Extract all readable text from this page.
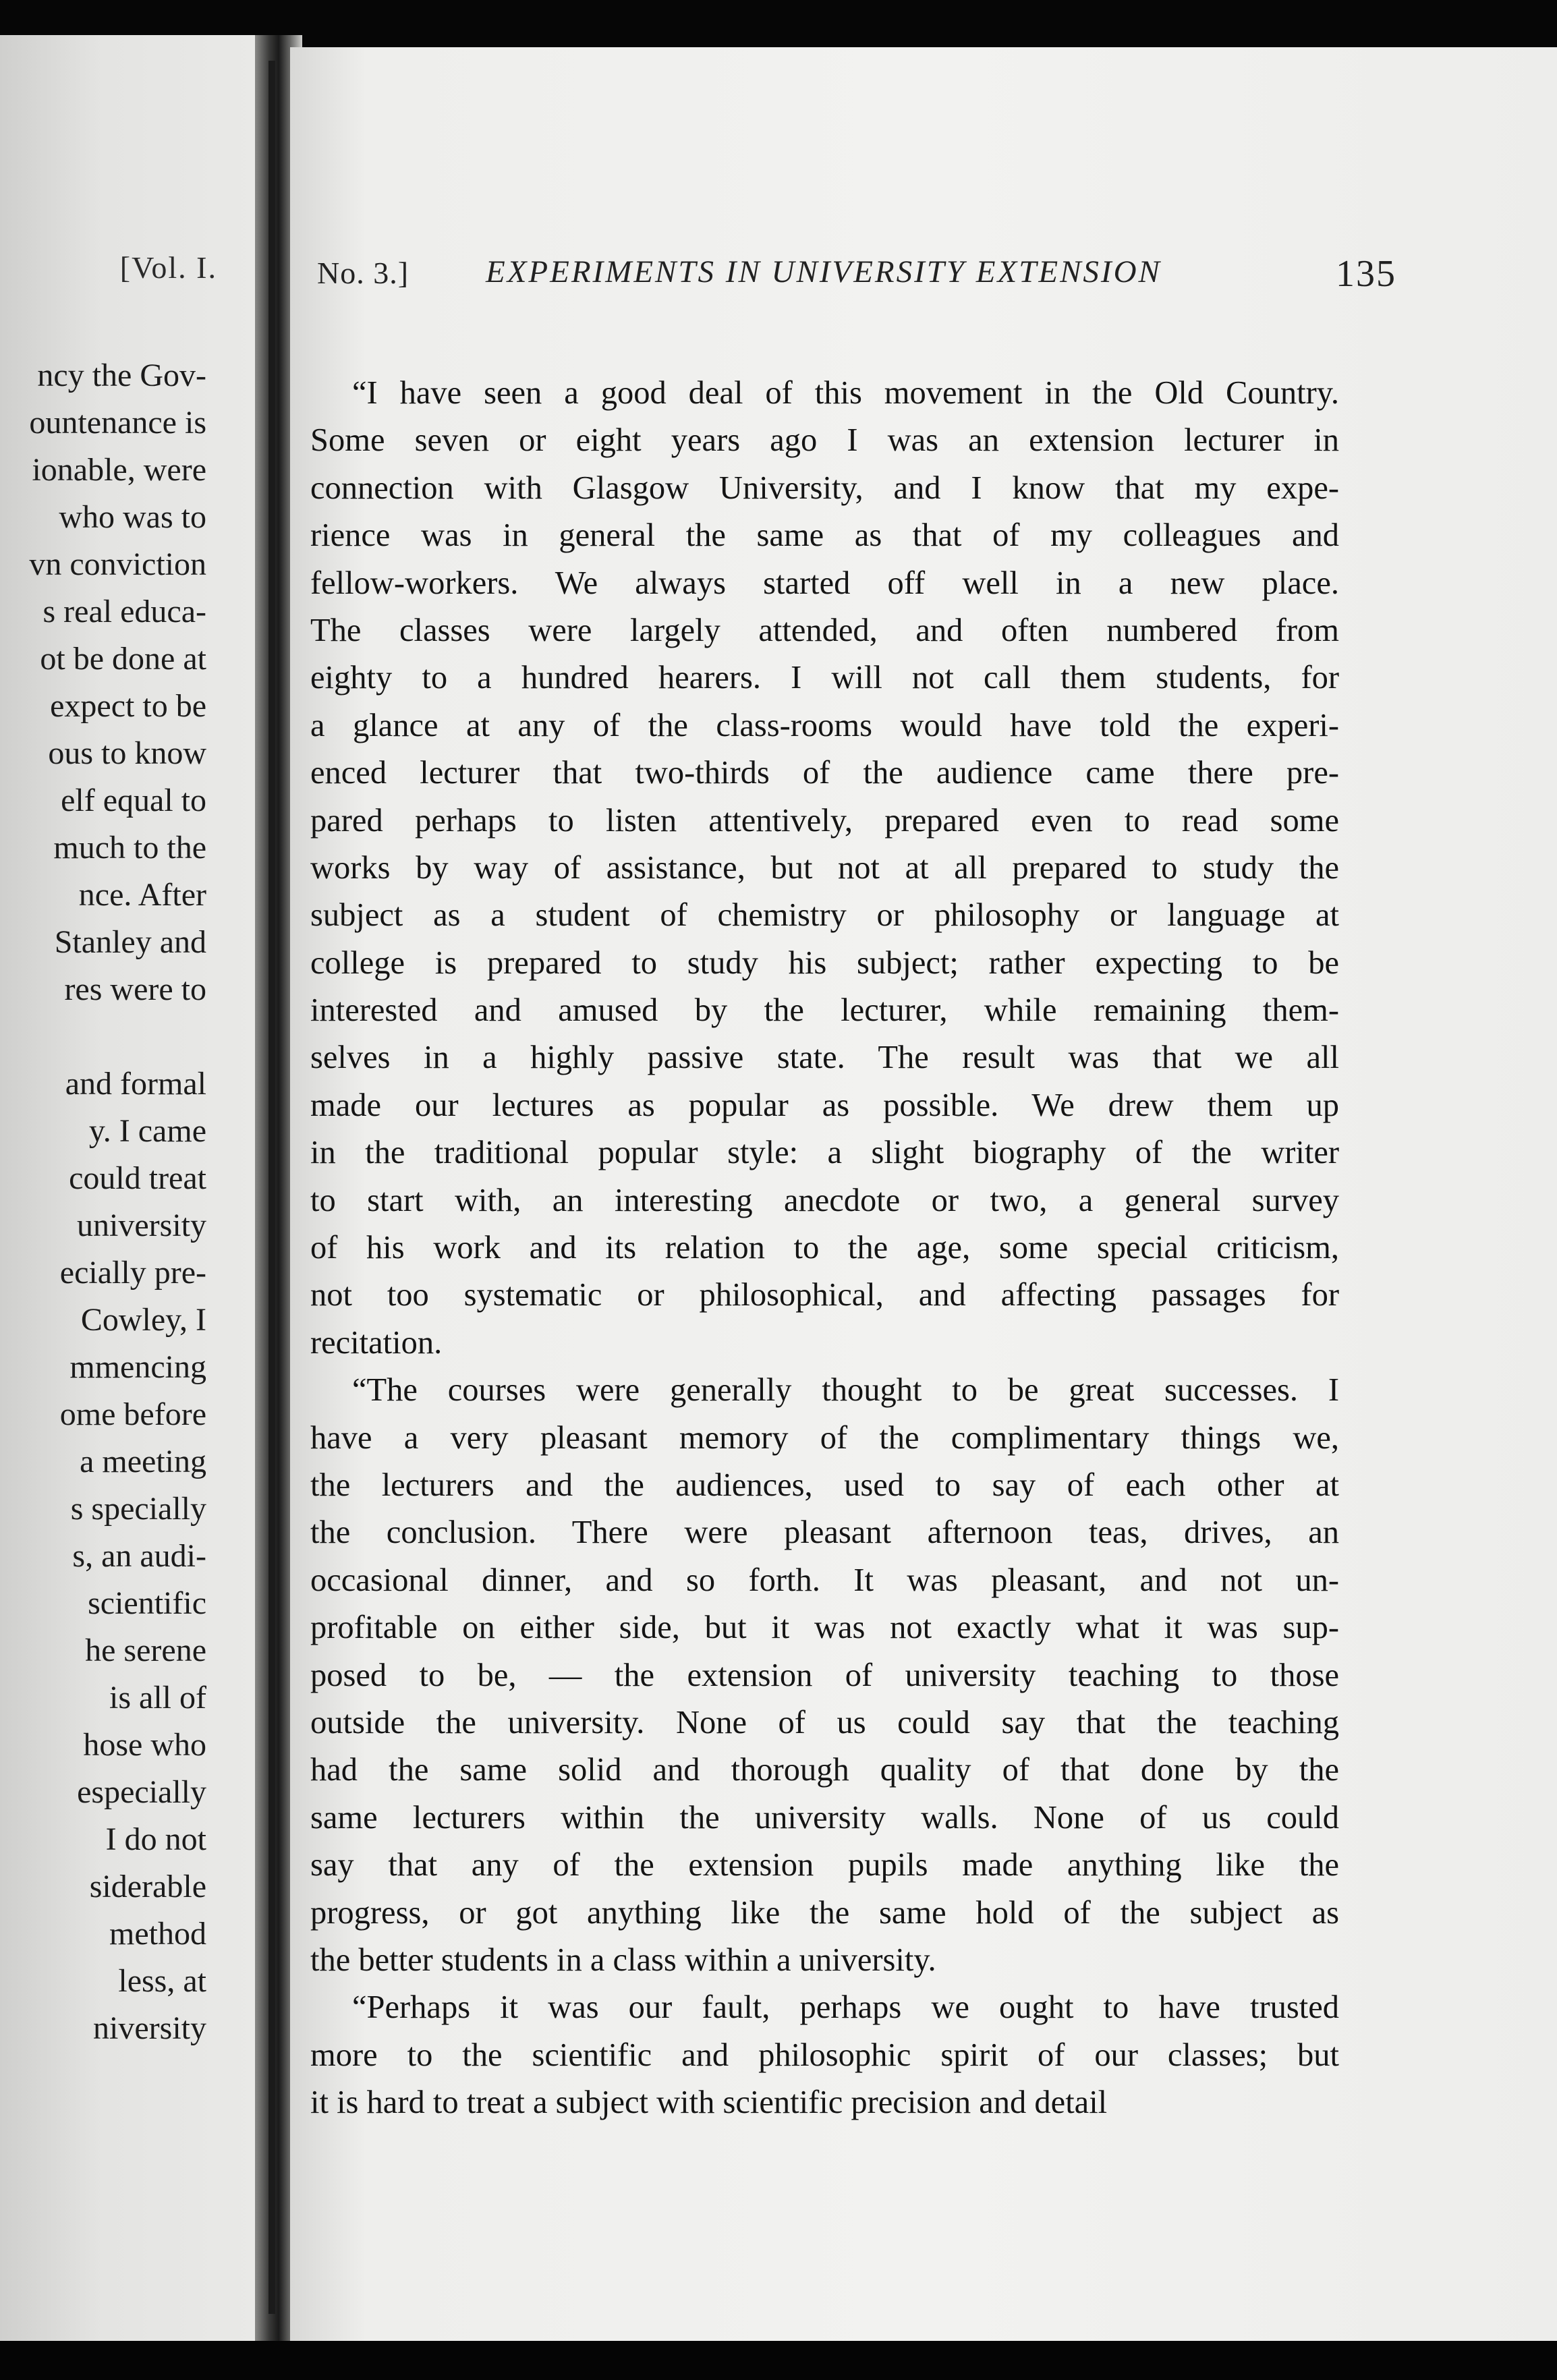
[Vol. I.
ncy the Gov-
ountenance is
ionable, were
who was to
vn conviction
s real educa-
ot be done at
expect to be
ous to know
elf equal to
much to the
nce. After
Stanley and
res were to
and formal
y. I came
could treat
university
ecially pre-
Cowley, I
mmencing
ome before
a meeting
s specially
s, an audi-
scientific
he serene
is all of
hose who
especially
I do not
siderable
method
less, at
niversity
No. 3.] EXPERIMENTS IN UNIVERSITY EXTENSION	135
“I have seen a good deal of this movement in the Old Country.
Some seven or eight years ago I was an extension lecturer in
connection with Glasgow University, and I know that my expe-
rience was in general the same as that of my colleagues and
fellow-workers. We always started off well in a new place.
The classes were largely attended, and often numbered from
eighty to a hundred hearers. I will not call them students, for
a glance at any of the class-rooms would have told the experi-
enced lecturer that two-thirds of the audience came there pre-
pared perhaps to listen attentively, prepared even to read some
works by way of assistance, but not at all prepared to study the
subject as a student of chemistry or philosophy or language at
college is prepared to study his subject; rather expecting to be
interested and amused by the lecturer, while remaining them-
selves in a highly passive state. The result was that we all
made our lectures as popular as possible. We drew them up
in the traditional popular style: a slight biography of the writer
to start with, an interesting anecdote or two, a general survey
of his work and its relation to the age, some special criticism,
not too systematic or philosophical, and affecting passages for
recitation.
“The courses were generally thought to be great successes. I
have a very pleasant memory of the complimentary things we,
the lecturers and the audiences, used to say of each other at
the conclusion. There were pleasant afternoon teas, drives, an
occasional dinner, and so forth. It was pleasant, and not un-
profitable on either side, but it was not exactly what it was sup-
posed to be, — the extension of university teaching to those
outside the university. None of us could say that the teaching
had the same solid and thorough quality of that done by the
same lecturers within the university walls. None of us could
say that any of the extension pupils made anything like the
progress, or got anything like the same hold of the subject as
the better students in a class within a university.
“Perhaps it was our fault, perhaps we ought to have trusted
more to the scientific and philosophic spirit of our classes; but
it is hard to treat a subject with scientific precision and detail
